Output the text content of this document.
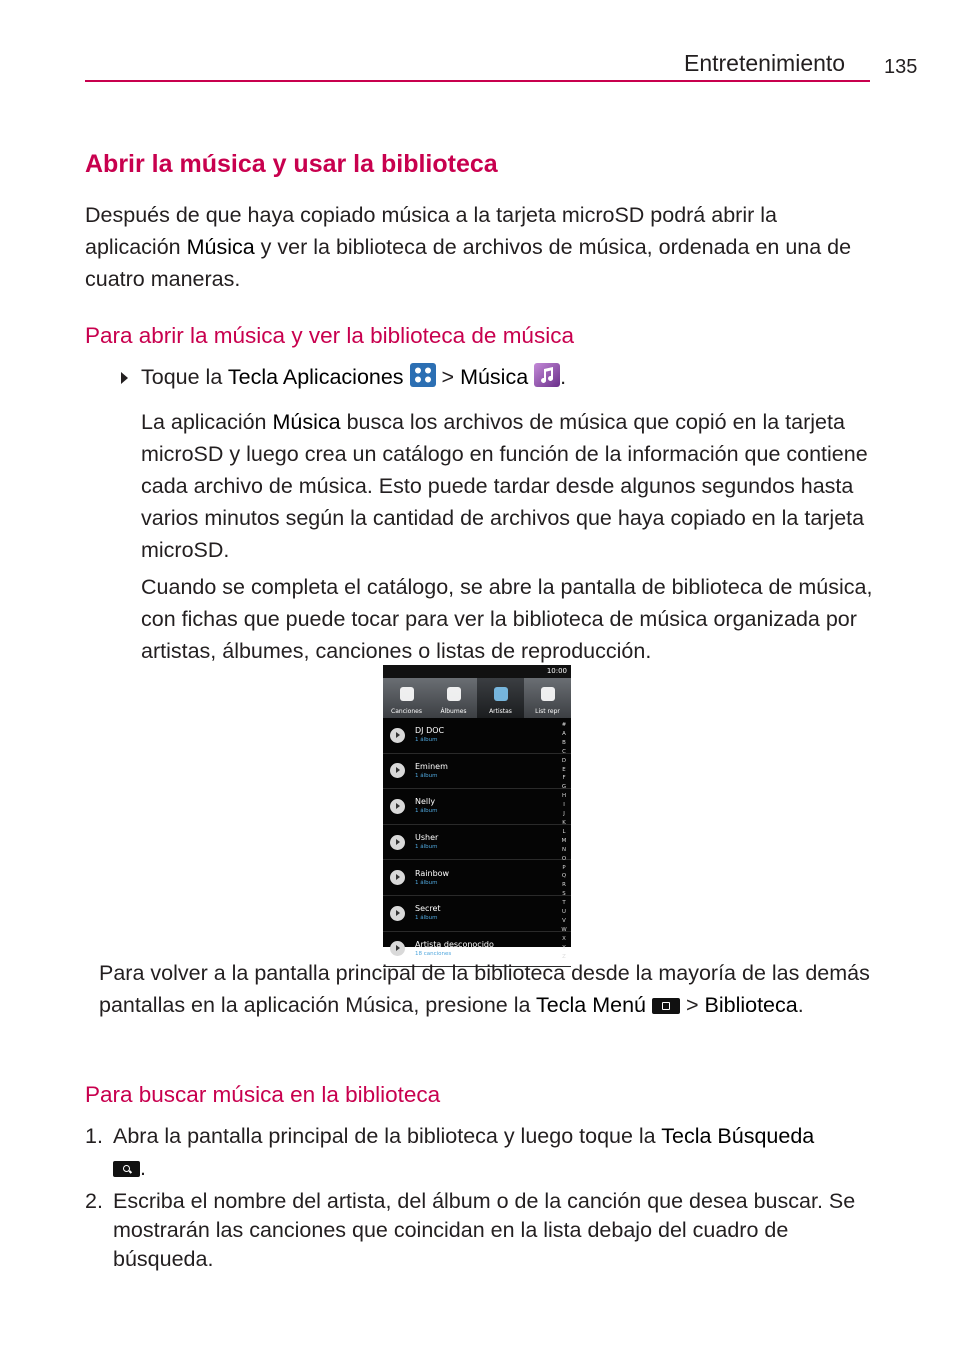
Entretenimiento 135
Abrir la música y usar la biblioteca

Después de que haya copiado música a la tarjeta microSD podrá abrir la aplicación Música y ver la biblioteca de archivos de música, ordenada en una de cuatro maneras.

Para abrir la música y ver la biblioteca de música

Toque la Tecla Aplicaciones  > Música .

La aplicación Música busca los archivos de música que copió en la tarjeta microSD y luego crea un catálogo en función de la información que contiene cada archivo de música. Esto puede tardar desde algunos segundos hasta varios minutos según la cantidad de archivos que haya copiado en la tarjeta microSD.

Cuando se completa el catálogo, se abre la pantalla de biblioteca de música, con fichas que puede tocar para ver la biblioteca de música organizada por artistas, álbumes, canciones o listas de reproducción.

10:00
Canciones	Álbumes	Artistas	List repr
DJ DOC
1 álbum
Eminem
1 álbum
Nelly
1 álbum
Usher
1 álbum
Rainbow
1 álbum
Secret
1 álbum
Artista desconocido
18 canciones
#
A
B
C
D
E
F
G
H
I
J
K
L
M
N
O
P
Q
R
S
T
U
V
W
X
Y
Z

Para volver a la pantalla principal de la biblioteca desde la mayoría de las demás pantallas en la aplicación Música, presione la Tecla Menú
> Biblioteca.

Para buscar música en la biblioteca

1. Abra la pantalla principal de la biblioteca y luego toque la Tecla Búsqueda

.

2. Escriba el nombre del artista, del álbum o de la canción que desea buscar. Se mostrarán las canciones que coincidan en la lista debajo del cuadro de búsqueda.
